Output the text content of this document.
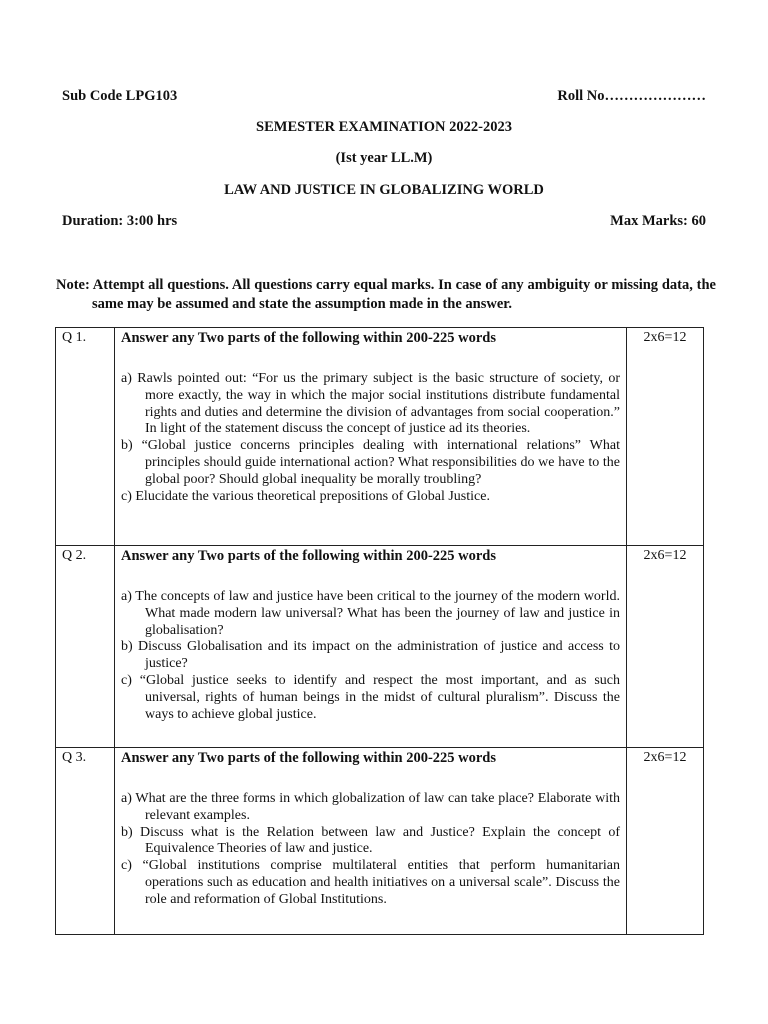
Sub Code LPG103	Roll No…………………
SEMESTER EXAMINATION 2022-2023
(Ist year LL.M)
LAW AND JUSTICE IN GLOBALIZING WORLD
Duration: 3:00 hrs	Max Marks: 60
Note: Attempt all questions. All questions carry equal marks. In case of any ambiguity or missing data, the same may be assumed and state the assumption made in the answer.
Q 1.	Answer any Two parts of the following within 200-225 words
a) Rawls pointed out: “For us the primary subject is the basic structure of society, or more exactly, the way in which the major social institutions distribute fundamental rights and duties and determine the division of advantages from social cooperation.” In light of the statement discuss the concept of justice ad its theories.
b) “Global justice concerns principles dealing with international relations” What principles should guide international action? What responsibilities do we have to the global poor? Should global inequality be morally troubling?
c) Elucidate the various theoretical prepositions of Global Justice.	2x6=12
Q 2.	Answer any Two parts of the following within 200-225 words
a) The concepts of law and justice have been critical to the journey of the modern world. What made modern law universal? What has been the journey of law and justice in globalisation?
b) Discuss Globalisation and its impact on the administration of justice and access to justice?
c) “Global justice seeks to identify and respect the most important, and as such universal, rights of human beings in the midst of cultural pluralism”. Discuss the ways to achieve global justice.	2x6=12
Q 3.	Answer any Two parts of the following within 200-225 words
a) What are the three forms in which globalization of law can take place? Elaborate with relevant examples.
b) Discuss what is the Relation between law and Justice? Explain the concept of Equivalence Theories of law and justice.
c) “Global institutions comprise multilateral entities that perform humanitarian operations such as education and health initiatives on a universal scale”. Discuss the role and reformation of Global Institutions.	2x6=12
